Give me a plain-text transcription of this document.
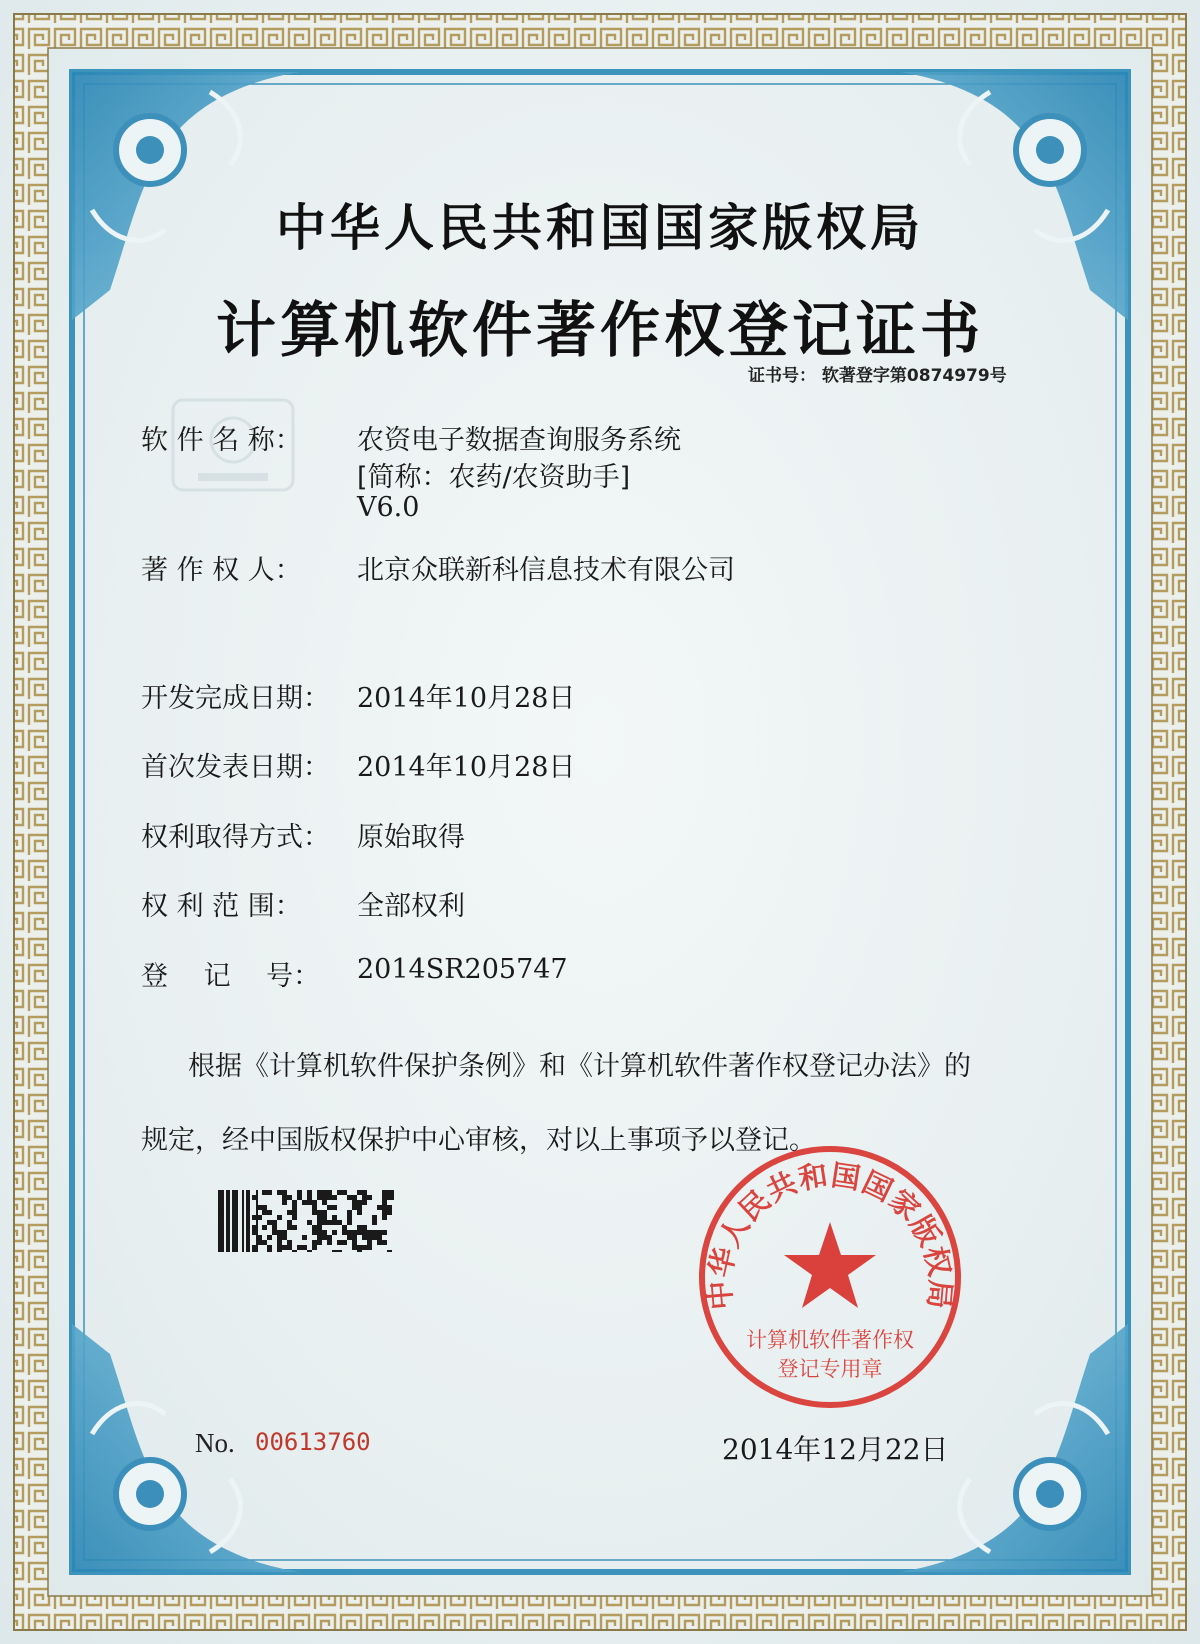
中华人民共和国国家版权局
计算机软件著作权登记证书
证书号： 软著登字第0874979号
软 件 名 称：	农资电子数据查询服务系统
[简称：农药/农资助手]
V6.0
著 作 权 人：	北京众联新科信息技术有限公司
开发完成日期： 2014年10月28日
首次发表日期： 2014年10月28日
权利取得方式： 原始取得
权 利 范 围：	全部权利
登　 记　 号： 2014SR205747
根据《计算机软件保护条例》和《计算机软件著作权登记办法》的
规定，经中国版权保护中心审核，对以上事项予以登记。
中华人民共和国国家版权局
计算机软件著作权
登记专用章
No. 00613760	2014年12月22日
